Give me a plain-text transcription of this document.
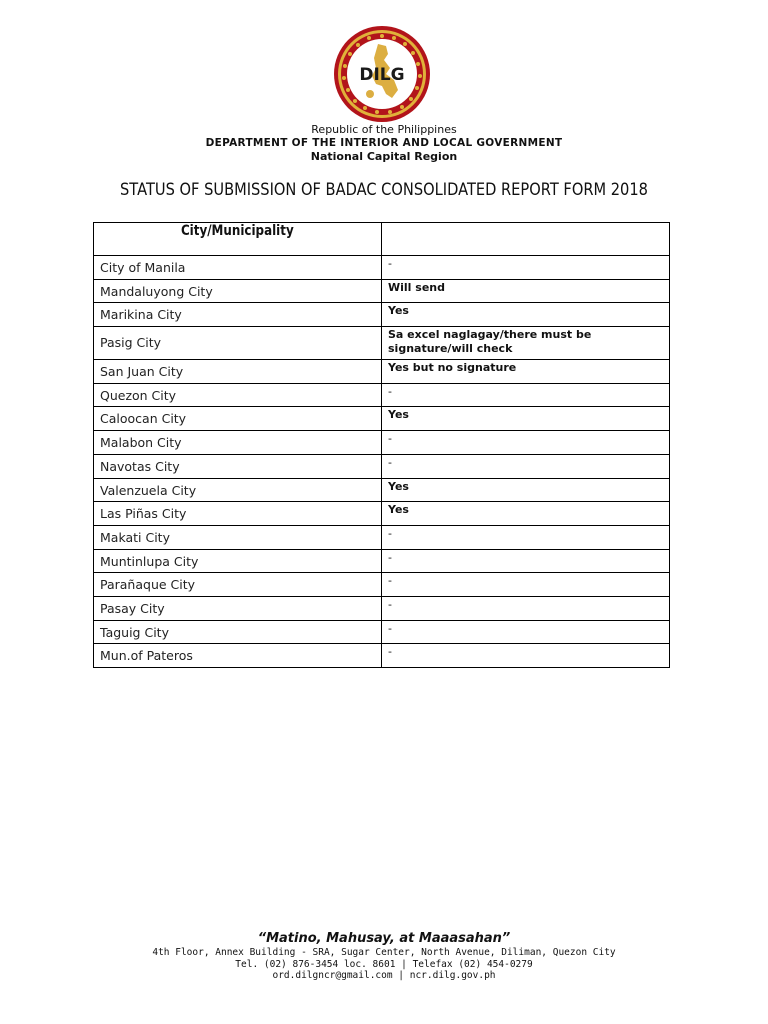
DILG
Republic of the Philippines
DEPARTMENT OF THE INTERIOR AND LOCAL GOVERNMENT
National Capital Region
STATUS OF SUBMISSION OF BADAC CONSOLIDATED REPORT FORM 2018
City/Municipality	
City of Manila	-
Mandaluyong City	Will send
Marikina City	Yes
Pasig City	Sa excel naglagay/there must be signature/will check
San Juan City	Yes but no signature
Quezon City	-
Caloocan City	Yes
Malabon City	-
Navotas City	-
Valenzuela City	Yes
Las Piñas City	Yes
Makati City	-
Muntinlupa City	-
Parañaque City	-
Pasay City	-
Taguig City	-
Mun.of Pateros	-
“Matino, Mahusay, at Maaasahan”
4th Floor, Annex Building - SRA, Sugar Center, North Avenue, Diliman, Quezon City
Tel. (02) 876-3454 loc. 8601 | Telefax (02) 454-0279
ord.dilgncr@gmail.com | ncr.dilg.gov.ph
